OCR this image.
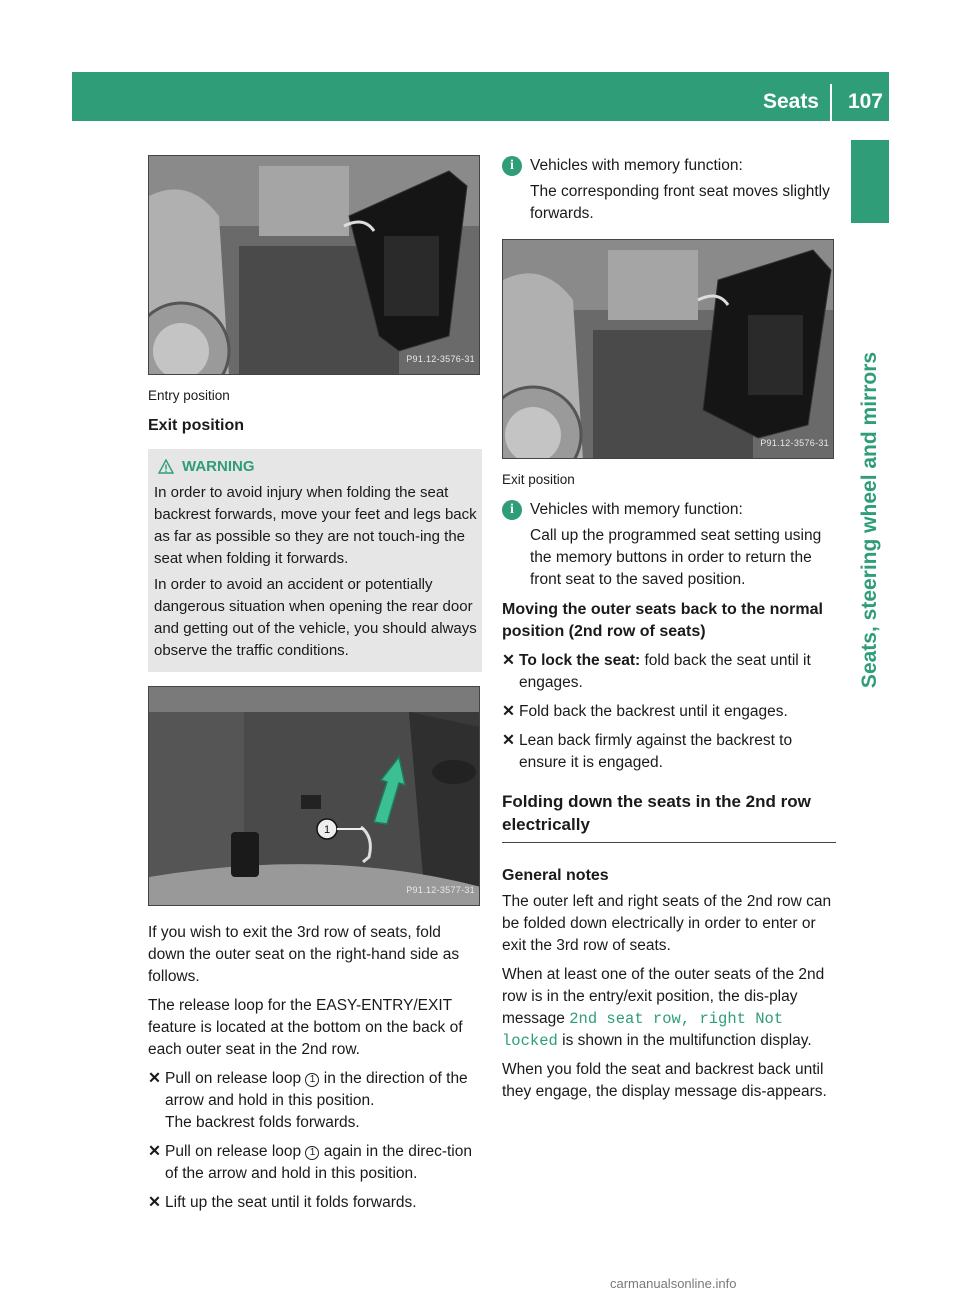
Seats 107
Seats, steering wheel and mirrors
P91.12-3576-31
Entry position
Exit position
WARNING

In order to avoid injury when folding the seat backrest forwards, move your feet and legs back as far as possible so they are not touch-ing the seat when folding it forwards.

In order to avoid an accident or potentially dangerous situation when opening the rear door and getting out of the vehicle, you should always observe the traffic conditions.

1
P91.12-3577-31

If you wish to exit the 3rd row of seats, fold down the outer seat on the right-hand side as follows.

The release loop for the EASY-ENTRY/EXIT feature is located at the bottom on the back of each outer seat in the 2nd row.

✕ Pull on release loop 1 in the direction of the arrow and hold in this position.
The backrest folds forwards.
✕ Pull on release loop 1 again in the direc-tion of the arrow and hold in this position.
✕ Lift up the seat until it folds forwards.
i	Vehicles with memory function:

The corresponding front seat moves slightly forwards.

P91.12-3576-31
Exit position
i	Vehicles with memory function:

Call up the programmed seat setting using the memory buttons in order to return the front seat to the saved position.

Moving the outer seats back to the normal position (2nd row of seats)
✕ To lock the seat: fold back the seat until it engages.
✕ Fold back the backrest until it engages.
✕ Lean back firmly against the backrest to ensure it is engaged.
Folding down the seats in the 2nd row electrically
General notes

The outer left and right seats of the 2nd row can be folded down electrically in order to enter or exit the 3rd row of seats.

When at least one of the outer seats of the 2nd row is in the entry/exit position, the dis-play message 2nd seat row, right Not locked is shown in the multifunction display.

When you fold the seat and backrest back until they engage, the display message dis-appears.

carmanualsonline.info
